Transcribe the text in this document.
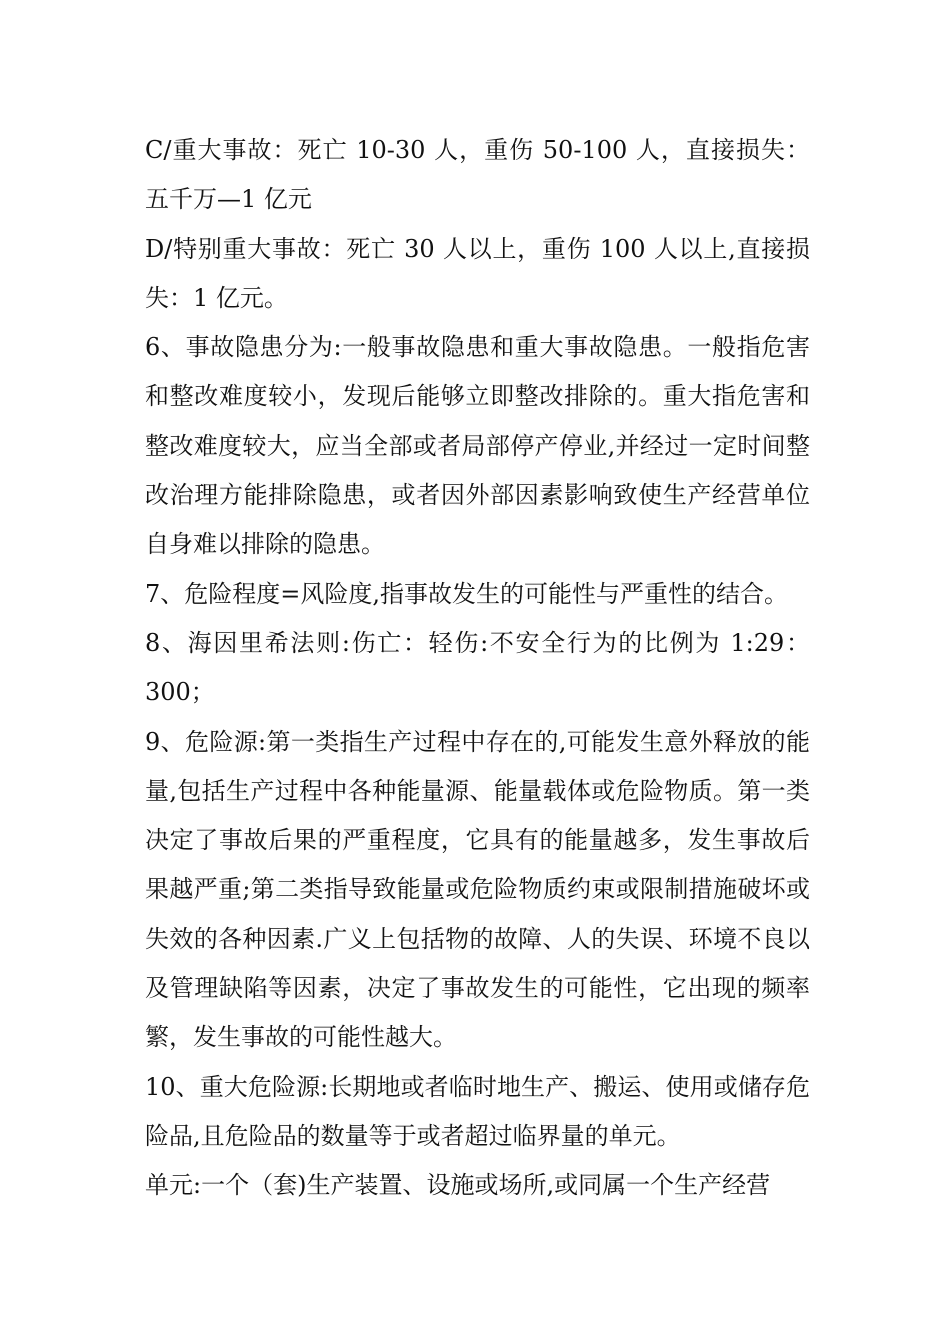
C/重大事故：死亡 10-30 人，重伤 50-100 人，直接损失：五千万—1 亿元

D/特别重大事故：死亡 30 人以上，重伤 100 人以上,直接损失：1 亿元。

6、事故隐患分为:一般事故隐患和重大事故隐患。一般指危害和整改难度较小，发现后能够立即整改排除的。重大指危害和整改难度较大，应当全部或者局部停产停业,并经过一定时间整改治理方能排除隐患，或者因外部因素影响致使生产经营单位自身难以排除的隐患。

7、危险程度=风险度,指事故发生的可能性与严重性的结合。

8、海因里希法则:伤亡：轻伤:不安全行为的比例为 1:29：300；

9、危险源:第一类指生产过程中存在的,可能发生意外释放的能量,包括生产过程中各种能量源、能量载体或危险物质。第一类决定了事故后果的严重程度，它具有的能量越多，发生事故后果越严重;第二类指导致能量或危险物质约束或限制措施破坏或失效的各种因素.广义上包括物的故障、人的失误、环境不良以及管理缺陷等因素，决定了事故发生的可能性，它出现的频率繁，发生事故的可能性越大。

10、重大危险源:长期地或者临时地生产、搬运、使用或储存危险品,且危险品的数量等于或者超过临界量的单元。

单元:一个（套)生产装置、设施或场所,或同属一个生产经营
